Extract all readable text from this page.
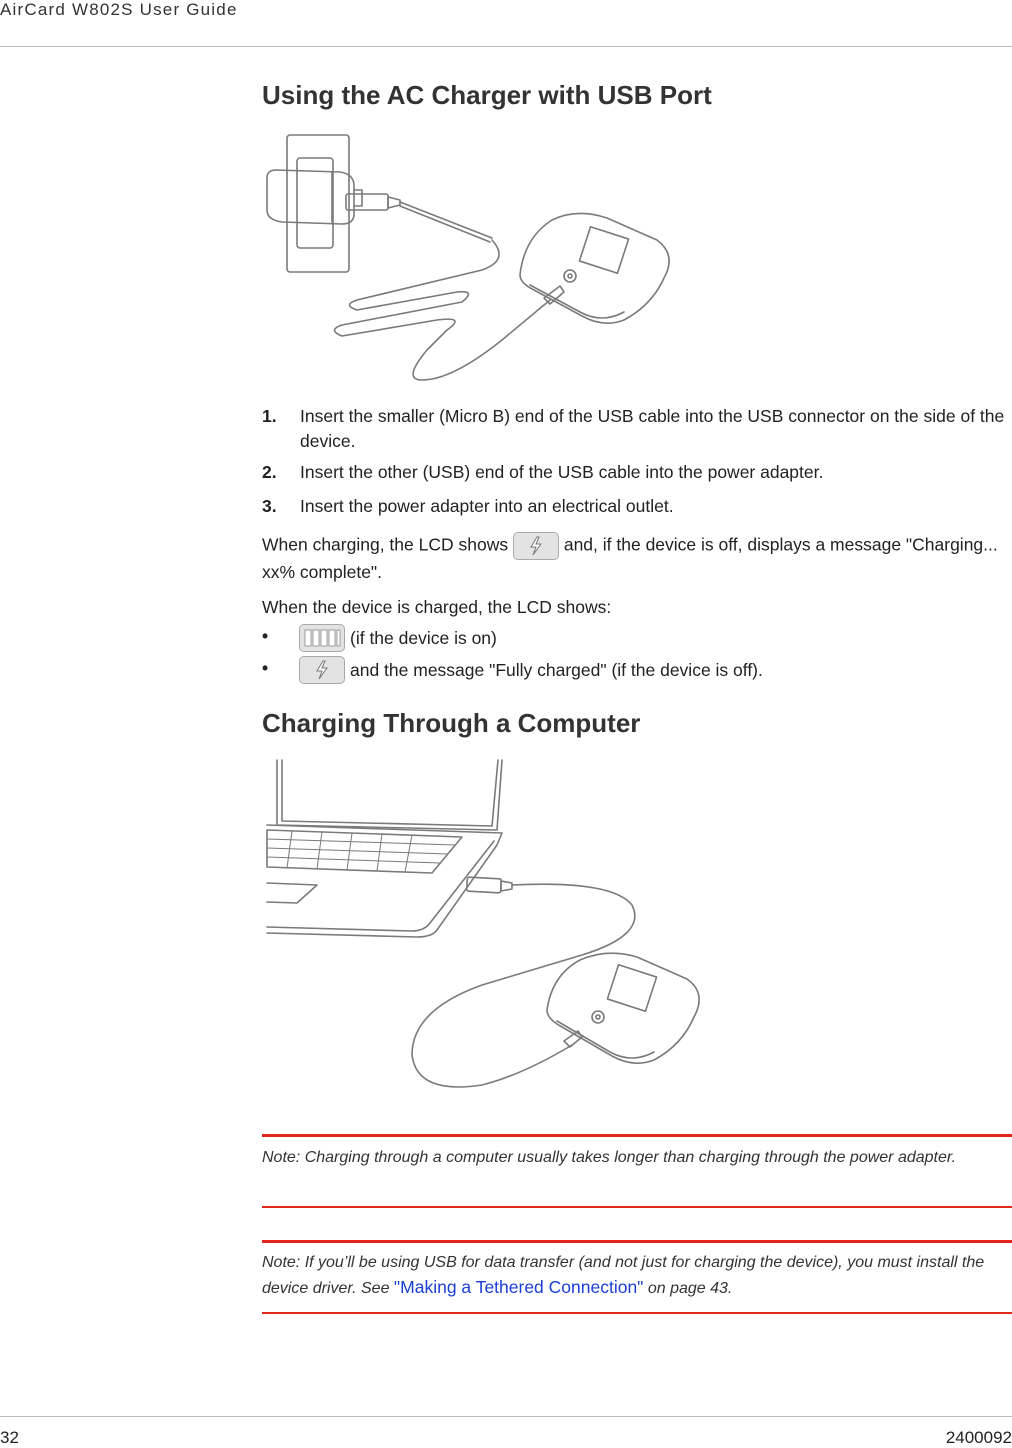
AirCard W802S User Guide
Using the AC Charger with USB Port
1. Insert the smaller (Micro B) end of the USB cable into the USB connector on the side of the device.
2. Insert the other (USB) end of the USB cable into the power adapter.
3. Insert the power adapter into an electrical outlet.
When charging, the LCD shows	and, if the device is off, displays a message "Charging... xx% complete".
When the device is charged, the LCD shows:
•	(if the device is on)
•	and the message "Fully charged" (if the device is off).
Charging Through a Computer
Note: Charging through a computer usually takes longer than charging through the power adapter.
Note: If you’ll be using USB for data transfer (and not just for charging the device), you must install the device driver. See "Making a Tethered Connection" on page 43.
32	2400092
